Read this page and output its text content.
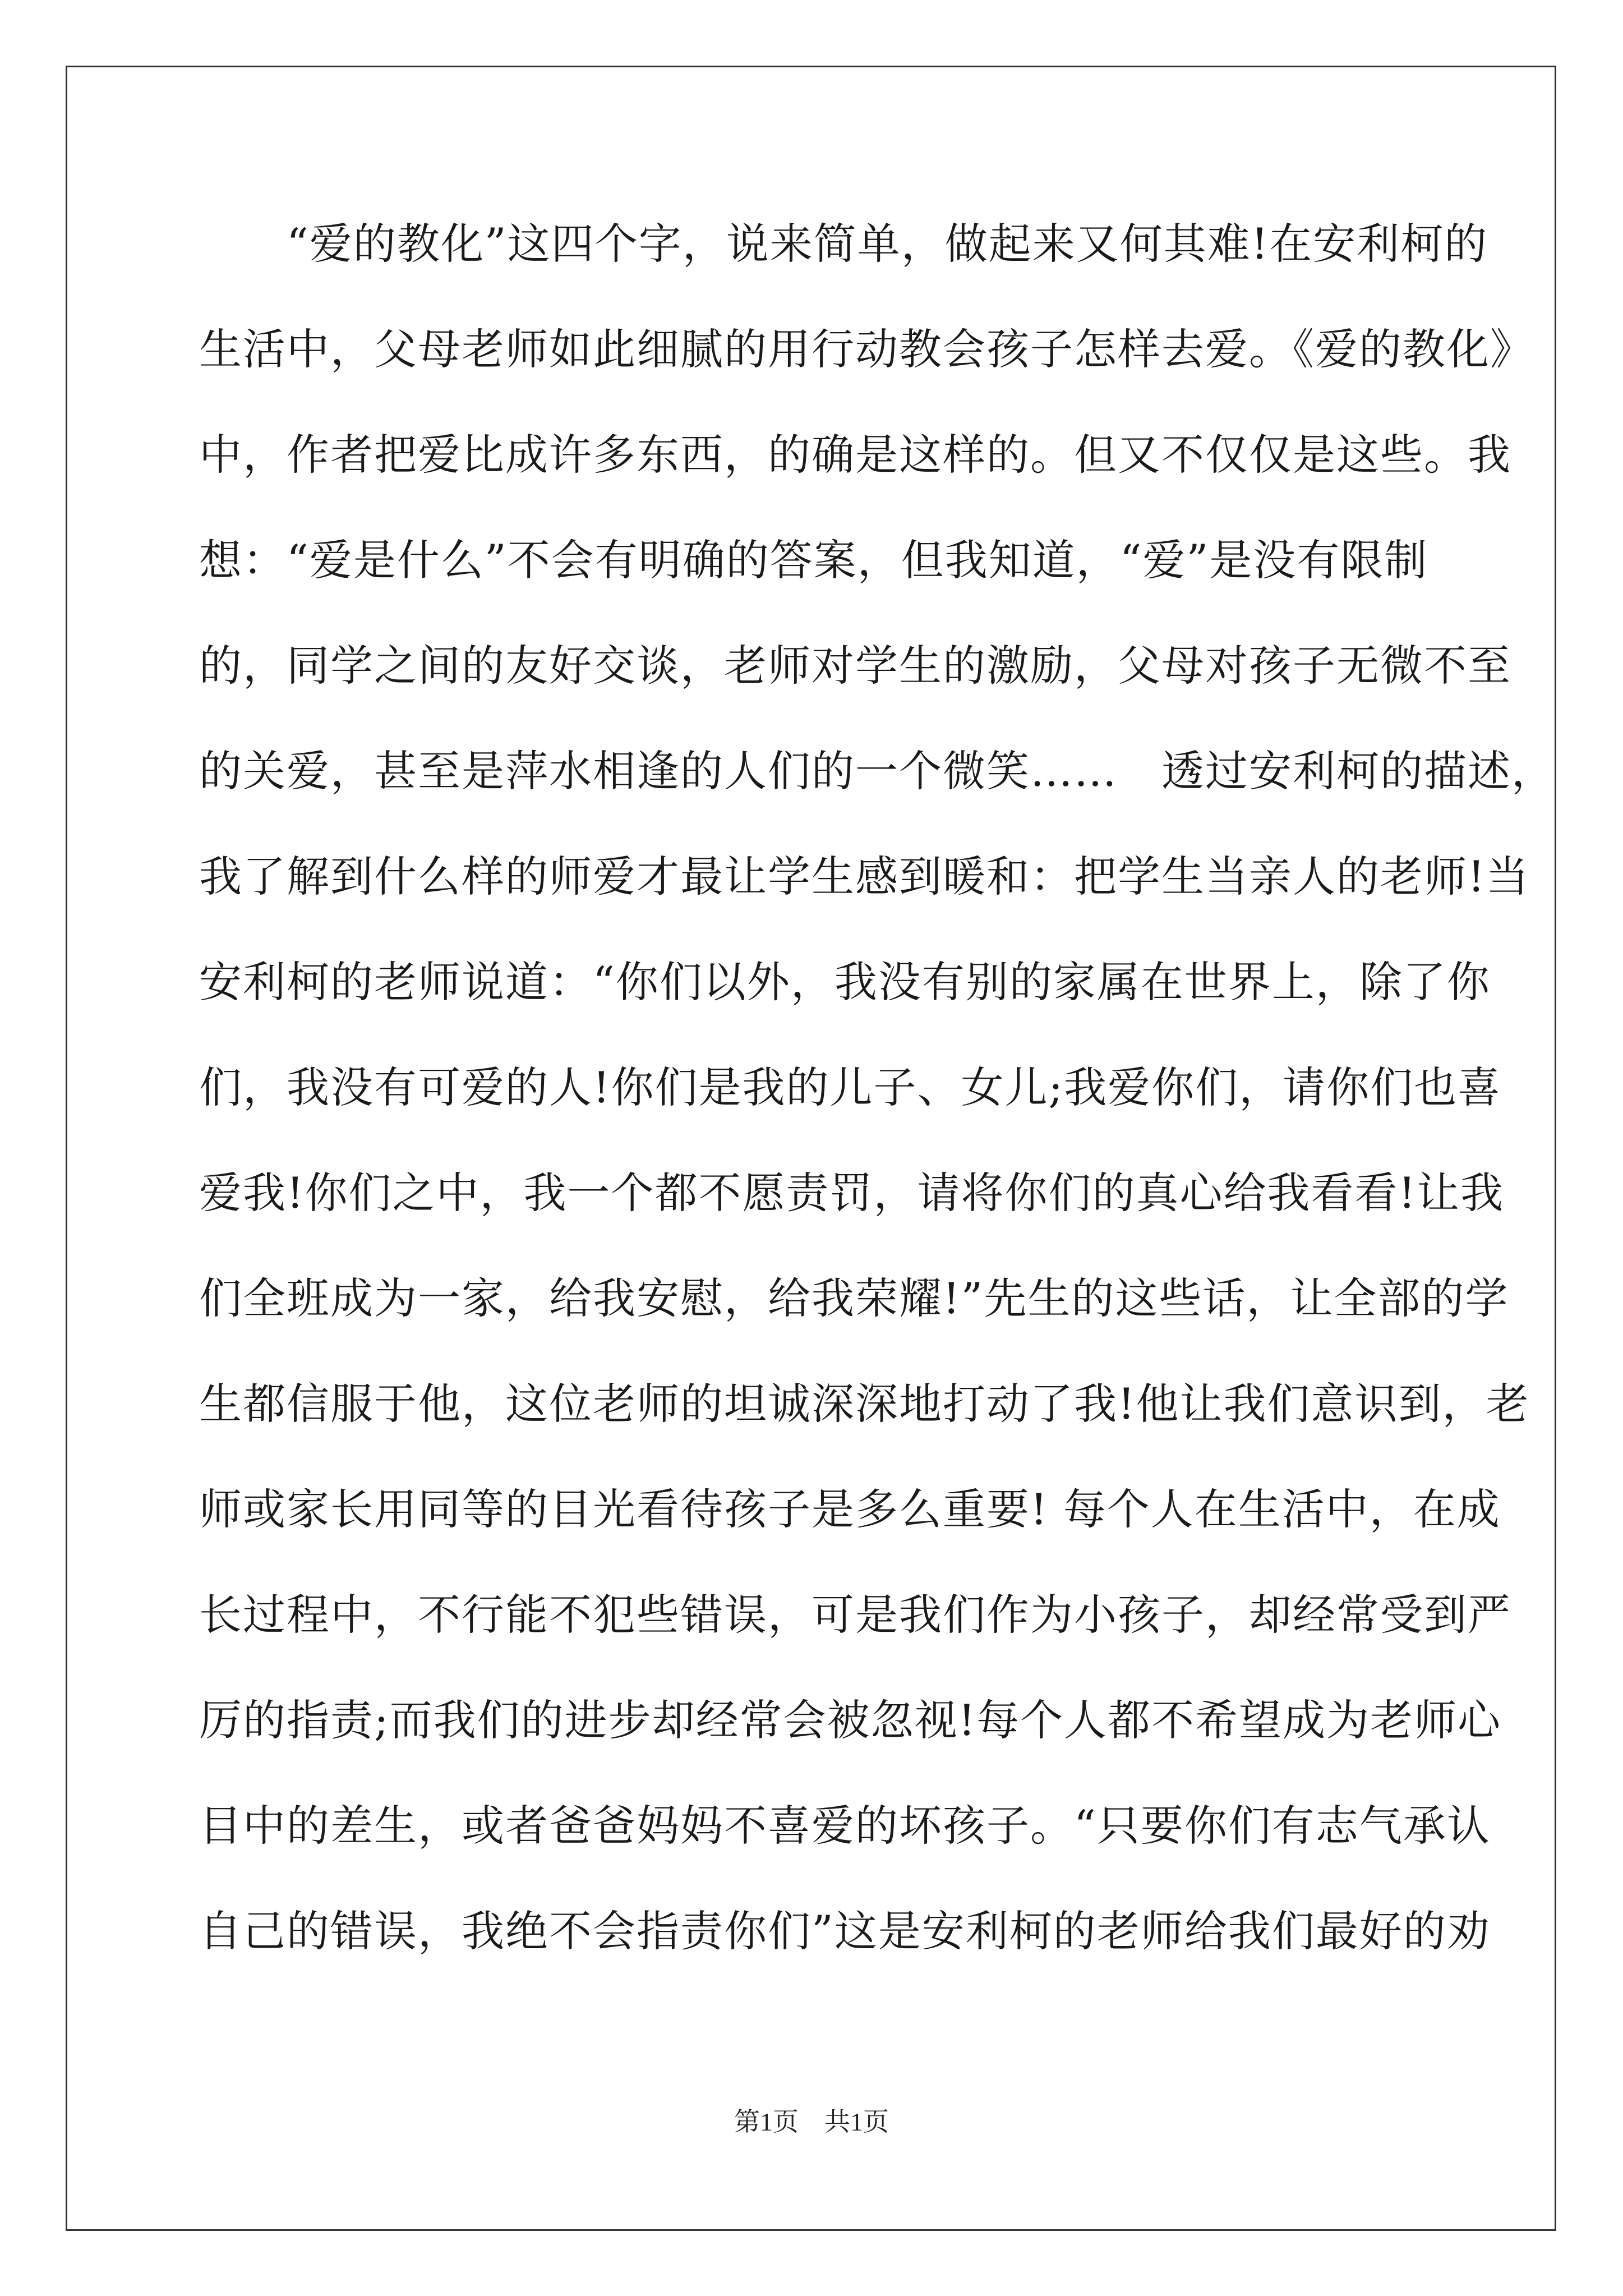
　　“爱的教化”这四个字，说来简单，做起来又何其难!在安利柯的
生活中，父母老师如此细腻的用行动教会孩子怎样去爱。《爱的教化》
中，作者把爱比成许多东西，的确是这样的。但又不仅仅是这些。我
想：“爱是什么”不会有明确的答案，但我知道，“爱”是没有限制
的，同学之间的友好交谈，老师对学生的激励，父母对孩子无微不至
的关爱，甚至是萍水相逢的人们的一个微笑……　透过安利柯的描述，
我了解到什么样的师爱才最让学生感到暖和：把学生当亲人的老师!当
安利柯的老师说道：“你们以外，我没有别的家属在世界上，除了你
们，我没有可爱的人!你们是我的儿子、女儿;我爱你们，请你们也喜
爱我!你们之中，我一个都不愿责罚，请将你们的真心给我看看!让我
们全班成为一家，给我安慰，给我荣耀!”先生的这些话，让全部的学
生都信服于他，这位老师的坦诚深深地打动了我!他让我们意识到，老
师或家长用同等的目光看待孩子是多么重要! 每个人在生活中，在成
长过程中，不行能不犯些错误，可是我们作为小孩子，却经常受到严
厉的指责;而我们的进步却经常会被忽视!每个人都不希望成为老师心
目中的差生，或者爸爸妈妈不喜爱的坏孩子。“只要你们有志气承认
自己的错误，我绝不会指责你们”这是安利柯的老师给我们最好的劝
第1页　共1页
